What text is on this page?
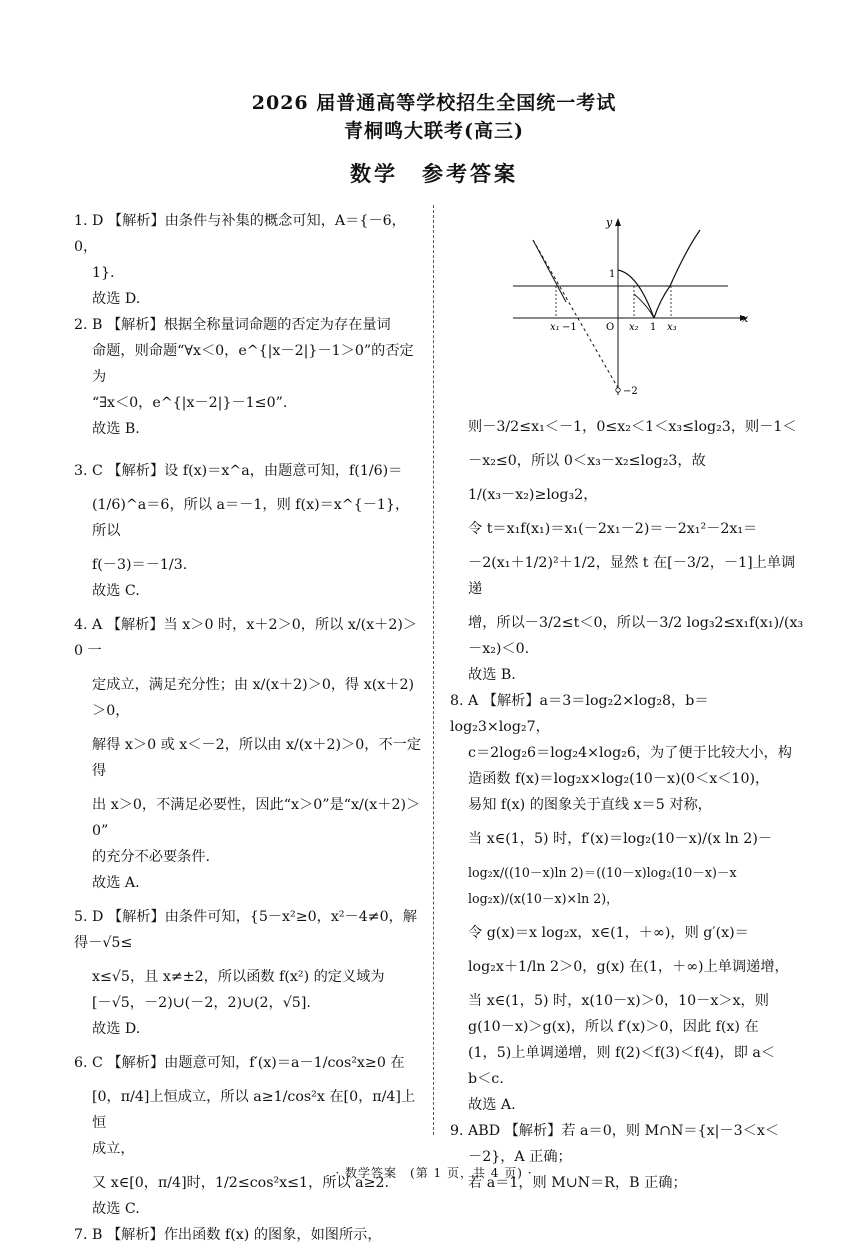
2026 届普通高等学校招生全国统一考试
青桐鸣大联考(高三)
数学　参考答案
1. D 【解析】由条件与补集的概念可知，A＝{－6，0，
1}.
故选 D.
2. B 【解析】根据全称量词命题的否定为存在量词
命题，则命题“∀x＜0，e^{|x－2|}－1＞0”的否定为
“∃x＜0，e^{|x－2|}－1≤0”.
故选 B.
3. C 【解析】设 f(x)＝x^a，由题意可知，f(1/6)＝
(1/6)^a＝6，所以 a＝－1，则 f(x)＝x^{－1}，所以
f(－3)＝－1/3.
故选 C.
4. A 【解析】当 x＞0 时，x＋2＞0，所以 x/(x＋2)＞0 一
定成立，满足充分性；由 x/(x＋2)＞0，得 x(x＋2)＞0，
解得 x＞0 或 x＜－2，所以由 x/(x＋2)＞0，不一定得
出 x＞0，不满足必要性，因此“x＞0”是“x/(x＋2)＞0”
的充分不必要条件.
故选 A.
5. D 【解析】由条件可知，{5－x²≥0，x²－4≠0，解得－√5≤
x≤√5，且 x≠±2，所以函数 f(x²) 的定义域为
[－√5，－2)∪(－2，2)∪(2，√5].
故选 D.
6. C 【解析】由题意可知，f′(x)＝a－1/cos²x≥0 在
[0，π/4]上恒成立，所以 a≥1/cos²x 在[0，π/4]上恒
成立，
又 x∈[0，π/4]时，1/2≤cos²x≤1，所以 a≥2.
故选 C.
7. B 【解析】作出函数 f(x) 的图象，如图所示，
x
y
O
1
−2
x₁ −1	x₂ 1 x₃
则－3/2≤x₁＜－1，0≤x₂＜1＜x₃≤log₂3，则－1＜
－x₂≤0，所以 0＜x₃－x₂≤log₂3，故
1/(x₃－x₂)≥log₃2，
令 t＝x₁f(x₁)＝x₁(－2x₁－2)＝－2x₁²－2x₁＝
－2(x₁＋1/2)²＋1/2，显然 t 在[－3/2，－1]上单调递
增，所以－3/2≤t＜0，所以－3/2 log₃2≤x₁f(x₁)/(x₃－x₂)＜0.
故选 B.
8. A 【解析】a＝3＝log₂2×log₂8，b＝log₂3×log₂7，
c＝2log₂6＝log₂4×log₂6，为了便于比较大小，构
造函数 f(x)＝log₂x×log₂(10－x)(0＜x＜10)，
易知 f(x) 的图象关于直线 x＝5 对称，
当 x∈(1，5) 时，f′(x)＝log₂(10－x)/(x ln 2)－
log₂x/((10－x)ln 2)＝((10－x)log₂(10－x)－x log₂x)/(x(10－x)×ln 2)，
令 g(x)＝x log₂x，x∈(1，＋∞)，则 g′(x)＝
log₂x＋1/ln 2＞0，g(x) 在(1，＋∞)上单调递增，
当 x∈(1，5) 时，x(10－x)＞0，10－x＞x，则
g(10－x)＞g(x)，所以 f′(x)＞0，因此 f(x) 在
(1，5)上单调递增，则 f(2)＜f(3)＜f(4)，即 a＜
b＜c.
故选 A.
9. ABD 【解析】若 a＝0，则 M∩N＝{x|－3＜x＜
－2}，A 正确；
若 a＝1，则 M∪N＝R，B 正确；
· 数学答案　(第 1 页，共 4 页) ·
